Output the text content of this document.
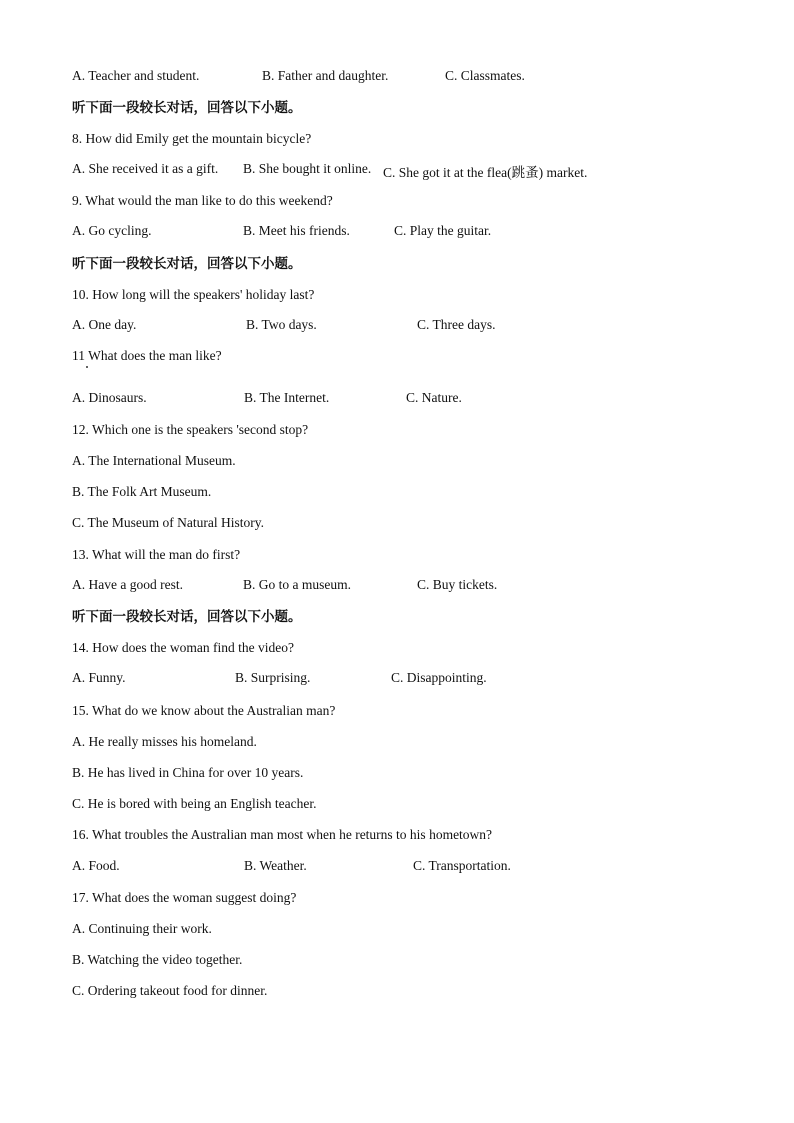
A. Teacher and student.	B. Father and daughter.	C. Classmates.
听下面一段较长对话，回答以下小题。
8. How did Emily get the mountain bicycle?
A. She received it as a gift. B. She bought it online. C. She got it at the flea(跳蚤) market.
9. What would the man like to do this weekend?
A. Go cycling.	B. Meet his friends.	C. Play the guitar.
听下面一段较长对话，回答以下小题。
10. How long will the speakers' holiday last?
A. One day.	B. Two days.	C. Three days.
11 What does the man like?
A. Dinosaurs.	B. The Internet.	C. Nature.
12. Which one is the speakers 'second stop?
A. The International Museum.
B. The Folk Art Museum.
C. The Museum of Natural History.
13. What will the man do first?
A. Have a good rest.	B. Go to a museum.	C. Buy tickets.
听下面一段较长对话，回答以下小题。
14. How does the woman find the video?
A. Funny.	B. Surprising.	C. Disappointing.
15. What do we know about the Australian man?
A. He really misses his homeland.
B. He has lived in China for over 10 years.
C. He is bored with being an English teacher.
16. What troubles the Australian man most when he returns to his hometown?
A. Food.	B. Weather.	C. Transportation.
17. What does the woman suggest doing?
A. Continuing their work.
B. Watching the video together.
C. Ordering takeout food for dinner.
